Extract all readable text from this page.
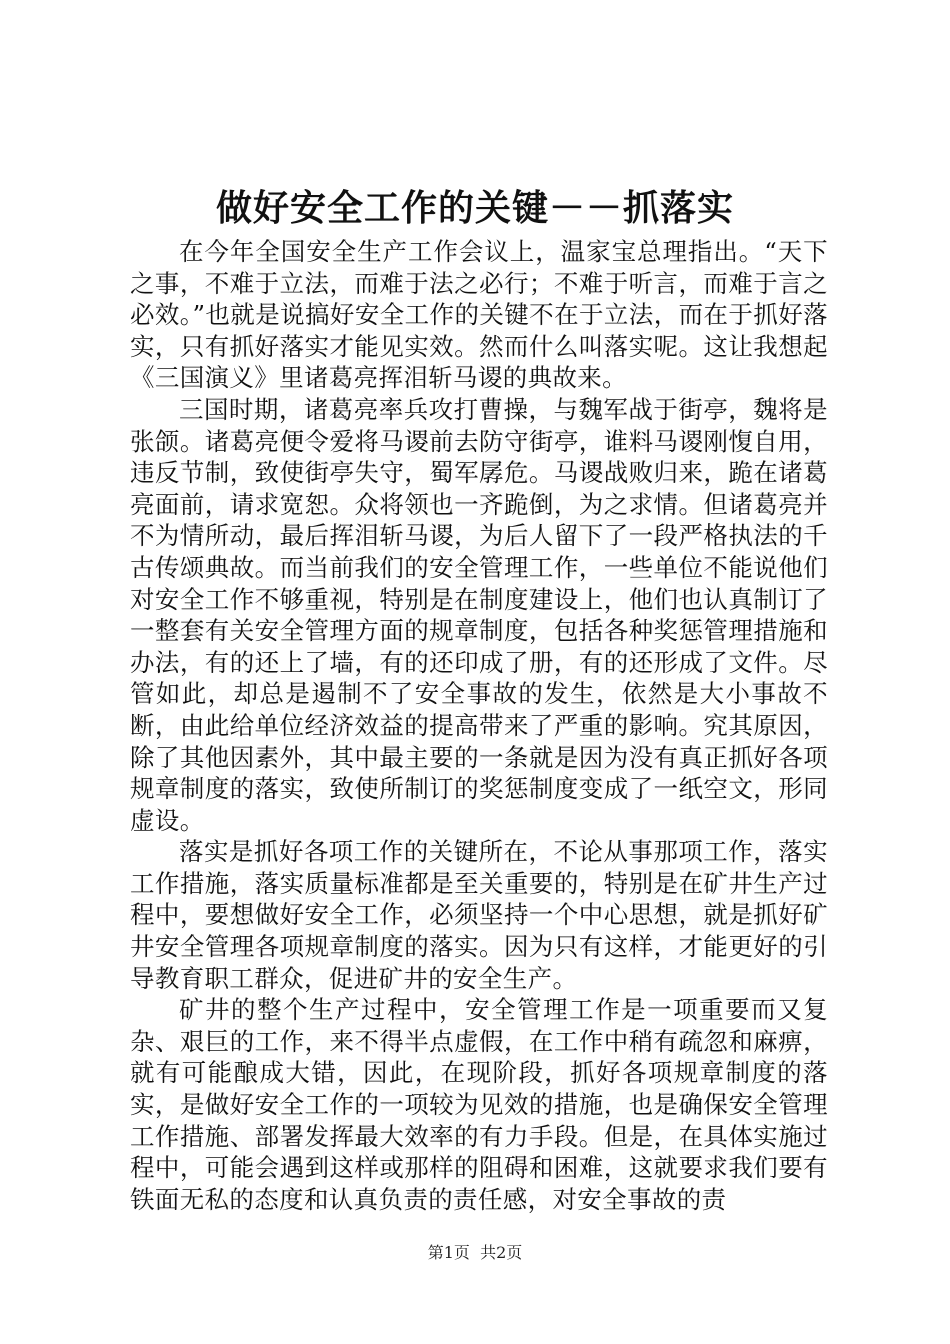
做好安全工作的关键－－抓落实

在今年全国安全生产工作会议上，温家宝总理指出。“天下之事，不难于立法，而难于法之必行；不难于听言，而难于言之必效。”也就是说搞好安全工作的关键不在于立法，而在于抓好落实，只有抓好落实才能见实效。然而什么叫落实呢。这让我想起《三国演义》里诸葛亮挥泪斩马谡的典故来。

三国时期，诸葛亮率兵攻打曹操，与魏军战于街亭，魏将是张颌。诸葛亮便令爱将马谡前去防守街亭，谁料马谡刚愎自用，违反节制，致使街亭失守，蜀军孱危。马谡战败归来，跪在诸葛亮面前，请求宽恕。众将领也一齐跪倒，为之求情。但诸葛亮并不为情所动，最后挥泪斩马谡，为后人留下了一段严格执法的千古传颂典故。而当前我们的安全管理工作，一些单位不能说他们对安全工作不够重视，特别是在制度建设上，他们也认真制订了一整套有关安全管理方面的规章制度，包括各种奖惩管理措施和办法，有的还上了墙，有的还印成了册，有的还形成了文件。尽管如此，却总是遏制不了安全事故的发生，依然是大小事故不断，由此给单位经济效益的提高带来了严重的影响。究其原因，除了其他因素外，其中最主要的一条就是因为没有真正抓好各项规章制度的落实，致使所制订的奖惩制度变成了一纸空文，形同虚设。

落实是抓好各项工作的关键所在，不论从事那项工作，落实工作措施，落实质量标准都是至关重要的，特别是在矿井生产过程中，要想做好安全工作，必须坚持一个中心思想，就是抓好矿井安全管理各项规章制度的落实。因为只有这样，才能更好的引导教育职工群众，促进矿井的安全生产。

矿井的整个生产过程中，安全管理工作是一项重要而又复杂、艰巨的工作，来不得半点虚假，在工作中稍有疏忽和麻痹，就有可能酿成大错，因此，在现阶段，抓好各项规章制度的落实，是做好安全工作的一项较为见效的措施，也是确保安全管理工作措施、部署发挥最大效率的有力手段。但是，在具体实施过程中，可能会遇到这样或那样的阻碍和困难，这就要求我们要有铁面无私的态度和认真负责的责任感，对安全事故的责

第1页 共2页
